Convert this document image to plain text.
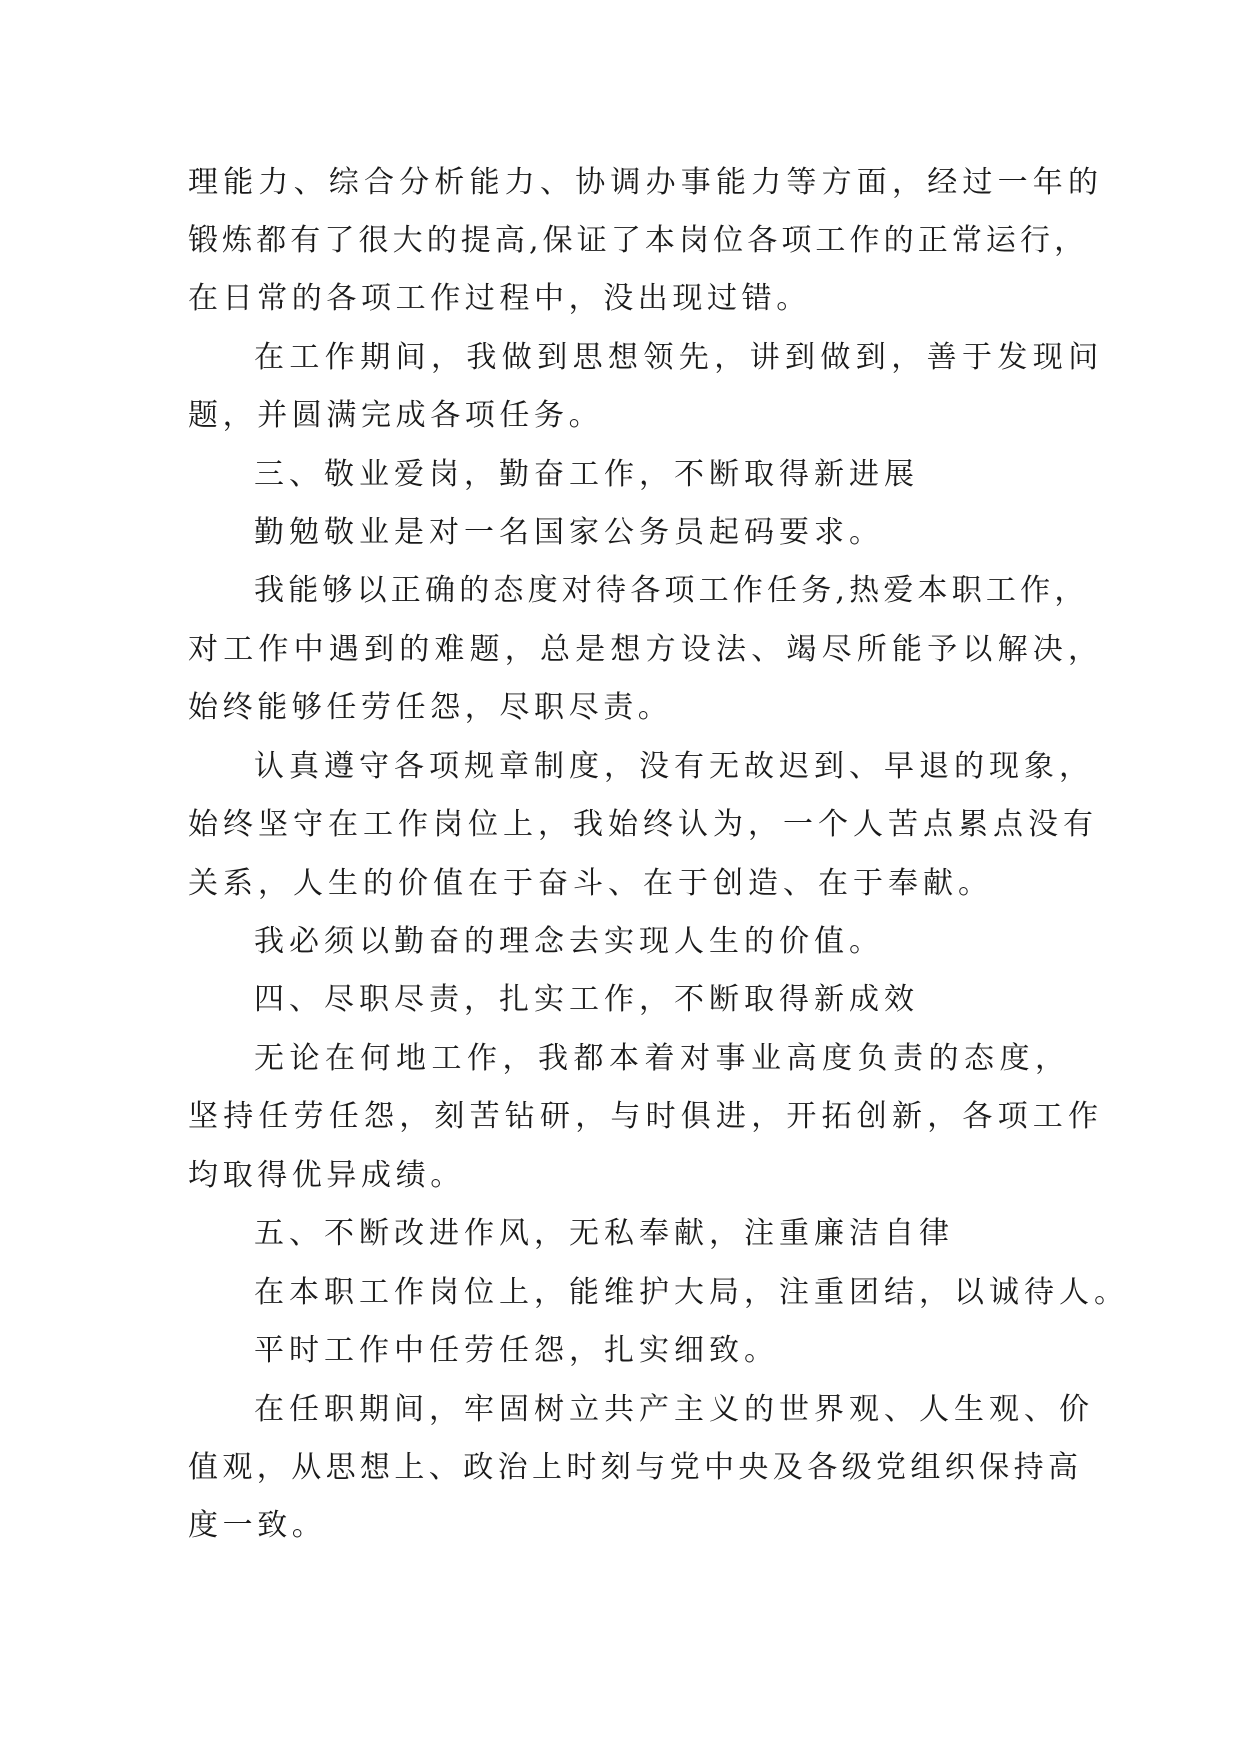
理能力、综合分析能力、协调办事能力等方面，经过一年的
锻炼都有了很大的提高,保证了本岗位各项工作的正常运行，
在日常的各项工作过程中，没出现过错。
在工作期间，我做到思想领先，讲到做到，善于发现问
题，并圆满完成各项任务。
三、敬业爱岗，勤奋工作，不断取得新进展
勤勉敬业是对一名国家公务员起码要求。
我能够以正确的态度对待各项工作任务,热爱本职工作，
对工作中遇到的难题，总是想方设法、竭尽所能予以解决，
始终能够任劳任怨，尽职尽责。
认真遵守各项规章制度，没有无故迟到、早退的现象，
始终坚守在工作岗位上，我始终认为，一个人苦点累点没有
关系，人生的价值在于奋斗、在于创造、在于奉献。
我必须以勤奋的理念去实现人生的价值。
四、尽职尽责，扎实工作，不断取得新成效
无论在何地工作，我都本着对事业高度负责的态度，
坚持任劳任怨，刻苦钻研，与时俱进，开拓创新，各项工作
均取得优异成绩。
五、不断改进作风，无私奉献，注重廉洁自律
在本职工作岗位上，能维护大局，注重团结，以诚待人。
平时工作中任劳任怨，扎实细致。
在任职期间，牢固树立共产主义的世界观、人生观、价
值观，从思想上、政治上时刻与党中央及各级党组织保持高
度一致。
